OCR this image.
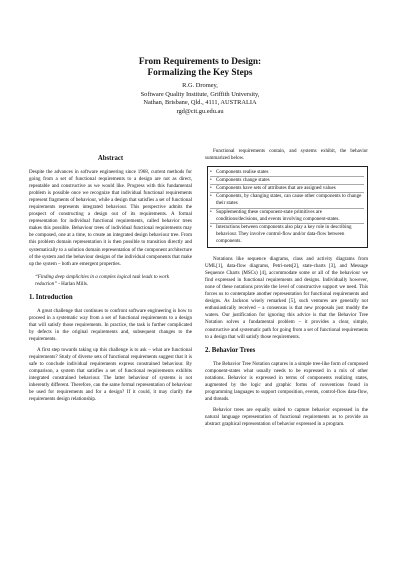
From Requirements to Design:

Formalizing the Key Steps

R.G. Dromey,

Software Quality Institute, Griffith University,

Nathan, Brisbane, Qld., 4111, AUSTRALIA

rgd@cit.gu.edu.au

Abstract

Despite the advances in software engineering since 1968, current methods for going from a set of functional requirements to a design are not as direct, repeatable and constructive as we would like. Progress with this fundamental problem is possible once we recognize that individual functional requirements represent fragments of behaviour, while a design that satisfies a set of functional requirements represents integrated behaviour. This perspective admits the prospect of constructing a design out of its requirements. A formal representation for individual functional requirements, called behavior trees makes this possible. Behaviour trees of individual functional requirements may be composed, one at a time, to create an integrated design behaviour tree. From this problem domain representation it is then possible to transition directly and systematically to a solution domain representation of the component architecture of the system and the behaviour designs of the individual components that make up the system – both are emergent properties.

“Finding deep simplicities in a complex logical task leads to work reduction” - Harlan Mills.

1. Introduction

A great challenge that continues to confront software engineering is how to proceed in a systematic way from a set of functional requirements to a design that will satisfy those requirements. In practice, the task is further complicated by defects in the original requirements and, subsequent changes to the requirements.

A first step towards taking up this challenge is to ask – what are functional requirements? Study of diverse sets of functional requirements suggest that it is safe to conclude individual requirements express constrained behaviour. By comparison, a system that satisfies a set of functional requirements exhibits integrated constrained behaviour. The latter behaviour of systems is not inherently different. Therefore, can the same formal representation of behaviour be used for requirements and for a design? If it could, it may clarify the requirements design relationship.

Functional requirements contain, and systems exhibit, the behavior summarized below.

• Components realise states
• Components change states
• Components have sets of attributes that are assigned values
• Components, by changing states, can cause other components to change their states
• Supplementing these component-state primitives are conditions/decisions, and events involving component-states.
• Interactions between components also play a key role in describing behaviour. They involve control-flow and/or data-flow between components.

Notations like sequence diagrams, class and activity diagrams from UML[1], data-flow diagrams, Petri-nets[2], state-charts [3], and Message Sequence Charts (MSCs) [4], accommodate some or all of the behaviour we find expressed in functional requirements and designs. Individually however, none of these notations provide the level of constructive support we need. This forces us to contemplate another representation for functional requirements and designs. As Jackson wisely remarked [5], such ventures are generally not enthusiastically received – a consensus is that new proposals just muddy the waters. Our justification for ignoring this advice is that the Behavior Tree Notation solves a fundamental problem – it provides a clear, simple, constructive and systematic path for going from a set of functional requirements to a design that will satisfy those requirements.

2. Behavior Trees

The Behavior Tree Notation captures in a simple tree-like form of composed component-states what usually needs to be expressed in a mix of other notations. Behavior is expressed in terms of components realizing states, augmented by the logic and graphic forms of conventions found in programming languages to support composition, events, control-flow data-flow, and threads.

Behavior trees are equally suited to capture behavior expressed in the natural language representation of functional requirements as to provide an abstract graphical representation of behavior expressed in a program.
